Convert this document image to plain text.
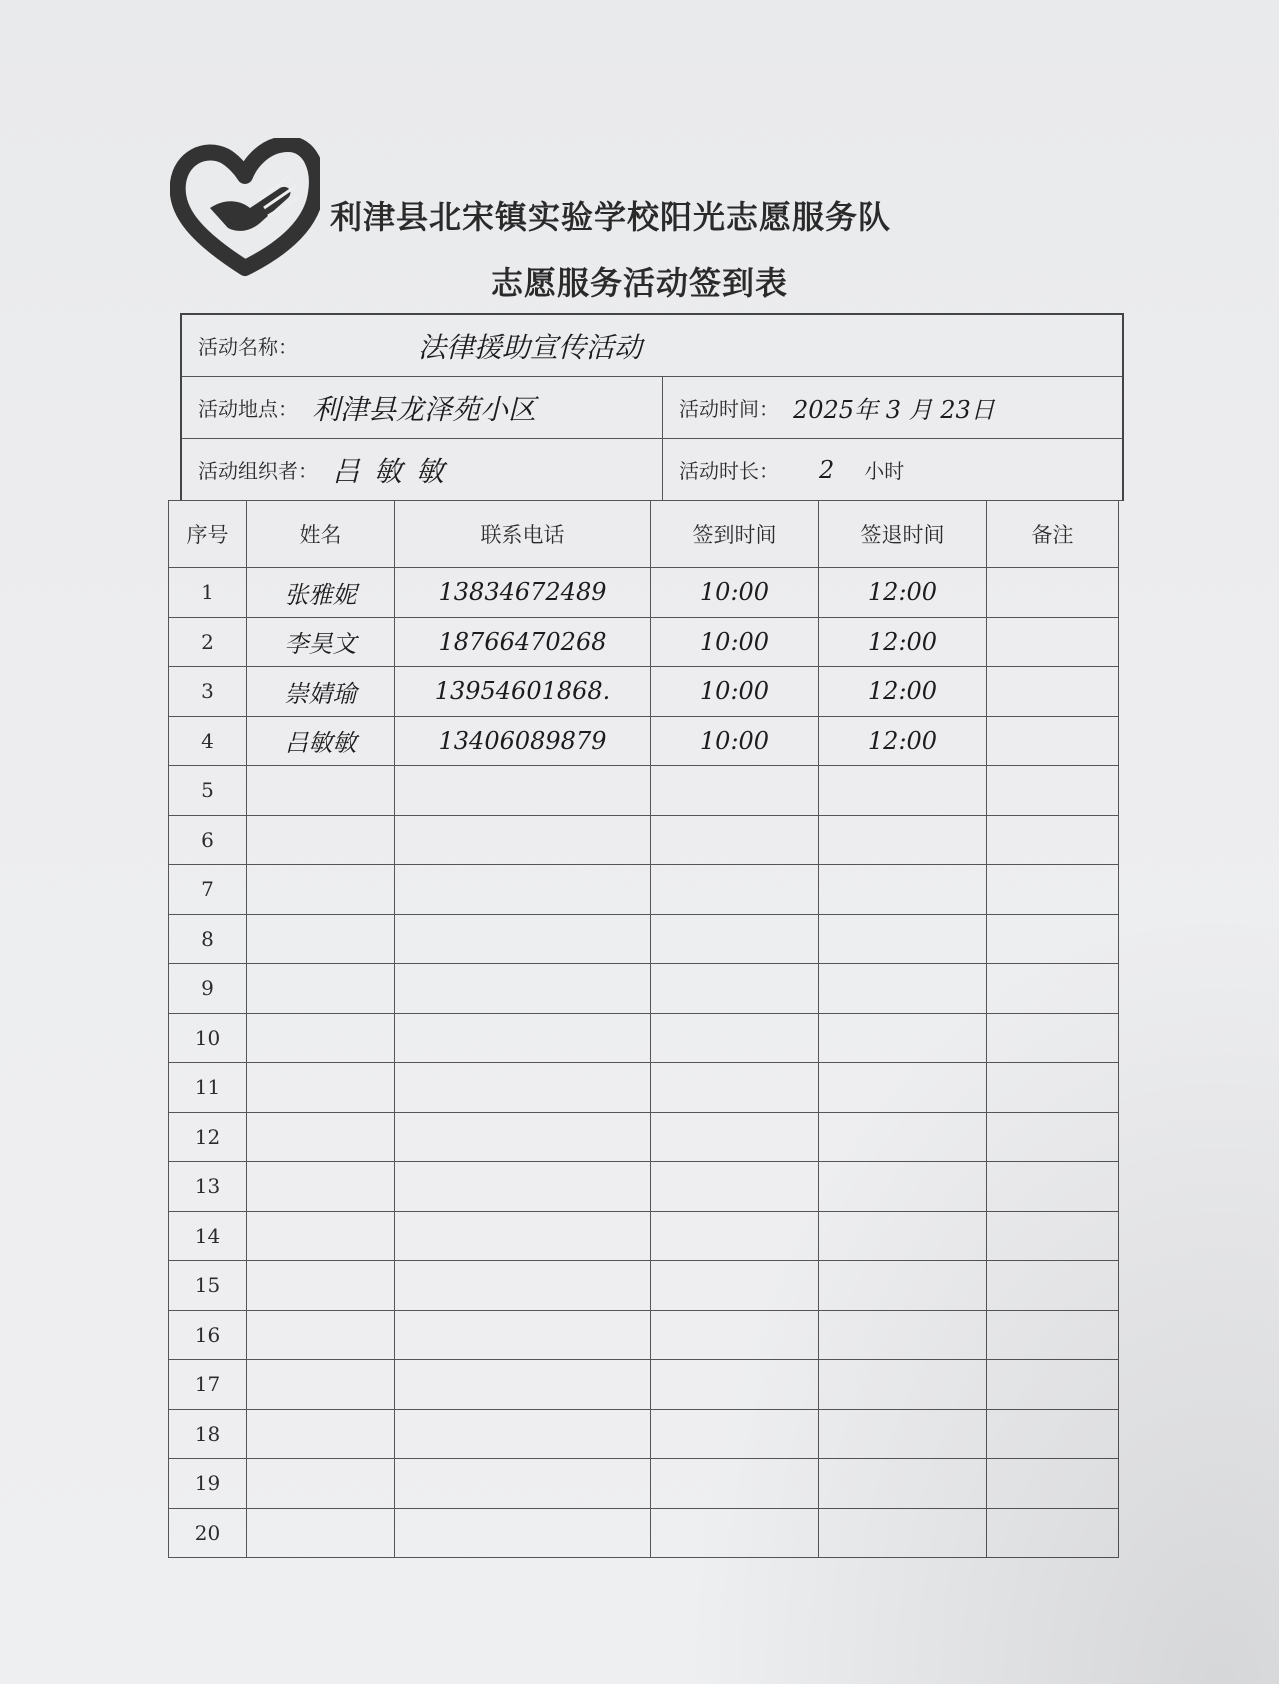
利津县北宋镇实验学校阳光志愿服务队
志愿服务活动签到表
活动名称：	法律援助宣传活动
活动地点： 利津县龙泽苑小区	活动时间： 2025年 3 月 23日
活动组织者： 吕敏敏	活动时长： 2 小时
序号	姓名	联系电话	签到时间	签退时间	备注
1	张雅妮	13834672489	10:00	12:00	
2	李昊文	18766470268	10:00	12:00	
3	崇婧瑜	13954601868.	10:00	12:00	
4	吕敏敏	13406089879	10:00	12:00	
5					
6					
7					
8					
9					
10					
11					
12					
13					
14					
15					
16					
17					
18					
19					
20					
